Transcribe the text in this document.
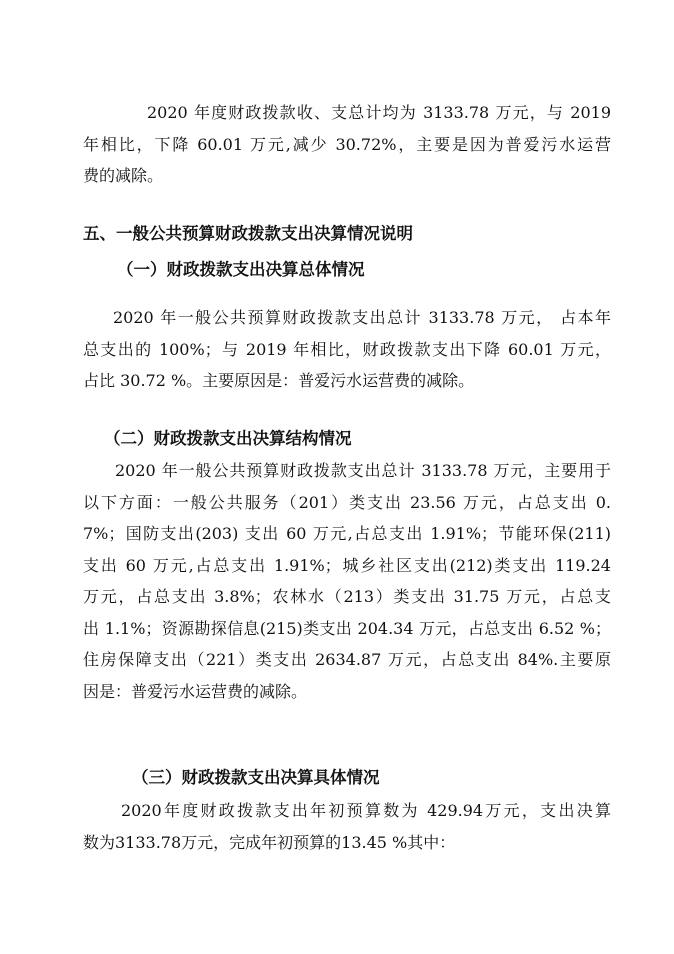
2020 年度财政拨款收、支总计均为 3133.78 万元，与 2019
年相比，下降 60.01 万元,减少 30.72%，主要是因为普爱污水运营
费的减除。
五、一般公共预算财政拨款支出决算情况说明
（一）财政拨款支出决算总体情况
2020 年一般公共预算财政拨款支出总计 3133.78 万元， 占本年
总支出的 100%；与 2019 年相比，财政拨款支出下降 60.01 万元，
占比 30.72 %。主要原因是：普爱污水运营费的减除。
（二）财政拨款支出决算结构情况
2020 年一般公共预算财政拨款支出总计 3133.78 万元，主要用于
以下方面：一般公共服务（201）类支出 23.56 万元，占总支出 0.
7%；国防支出(203) 支出 60 万元,占总支出 1.91%；节能环保(211)
支出 60 万元,占总支出 1.91%；城乡社区支出(212)类支出 119.24
万元，占总支出 3.8%；农林水（213）类支出 31.75 万元，占总支
出 1.1%；资源勘探信息(215)类支出 204.34 万元，占总支出 6.52 %；
住房保障支出（221）类支出 2634.87 万元，占总支出 84%.主要原
因是：普爱污水运营费的减除。
（三）财政拨款支出决算具体情况
2020年度财政拨款支出年初预算数为 429.94万元，支出决算
数为3133.78万元，完成年初预算的13.45 %其中：
